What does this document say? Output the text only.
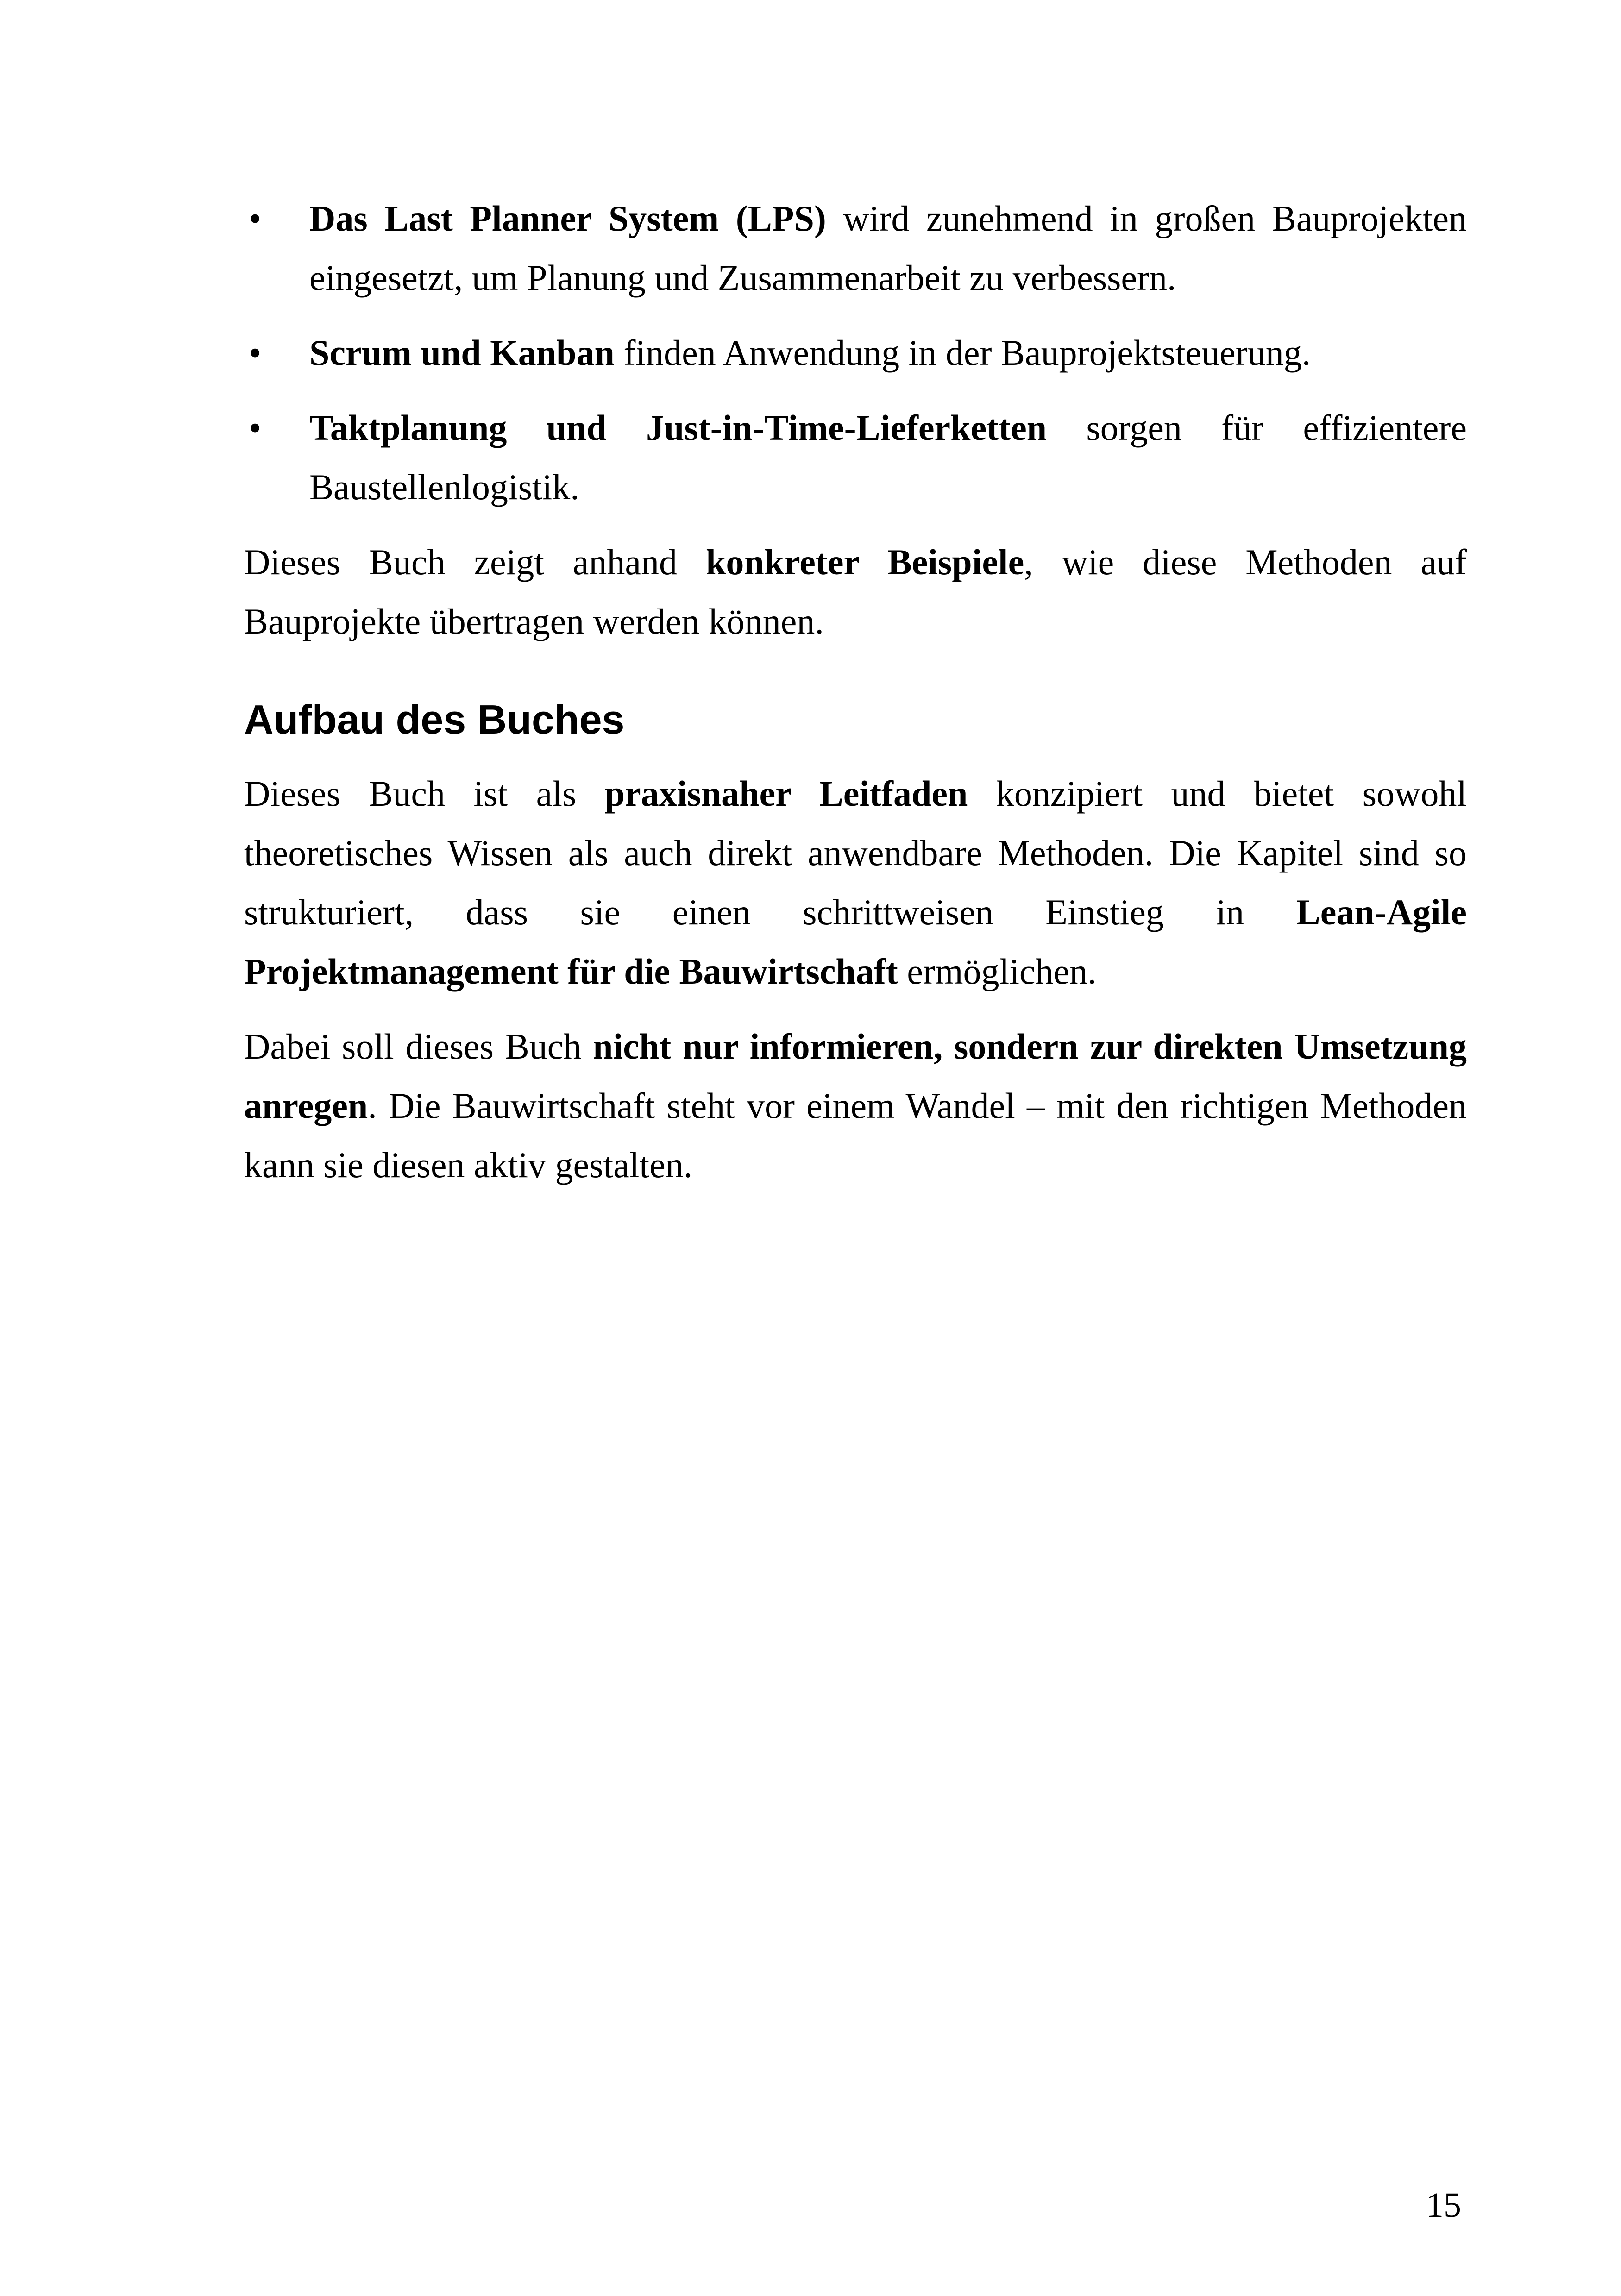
• Das Last Planner System (LPS) wird zunehmend in großen Bauprojekten eingesetzt, um Planung und Zusammenarbeit zu verbessern.
• Scrum und Kanban finden Anwendung in der Bauprojektsteuerung.
• Taktplanung und Just-in-Time-Lieferketten sorgen für effizientere Baustellenlogistik.

Dieses Buch zeigt anhand konkreter Beispiele, wie diese Methoden auf Bauprojekte übertragen werden können.

Aufbau des Buches

Dieses Buch ist als praxisnaher Leitfaden konzipiert und bietet sowohl theoretisches Wissen als auch direkt anwendbare Methoden. Die Kapitel sind so strukturiert, dass sie einen schrittweisen Einstieg in Lean-Agile Projektmanagement für die Bauwirtschaft ermöglichen.

Dabei soll dieses Buch nicht nur informieren, sondern zur direkten Umsetzung anregen. Die Bauwirtschaft steht vor einem Wandel – mit den richtigen Methoden kann sie diesen aktiv gestalten.

15
